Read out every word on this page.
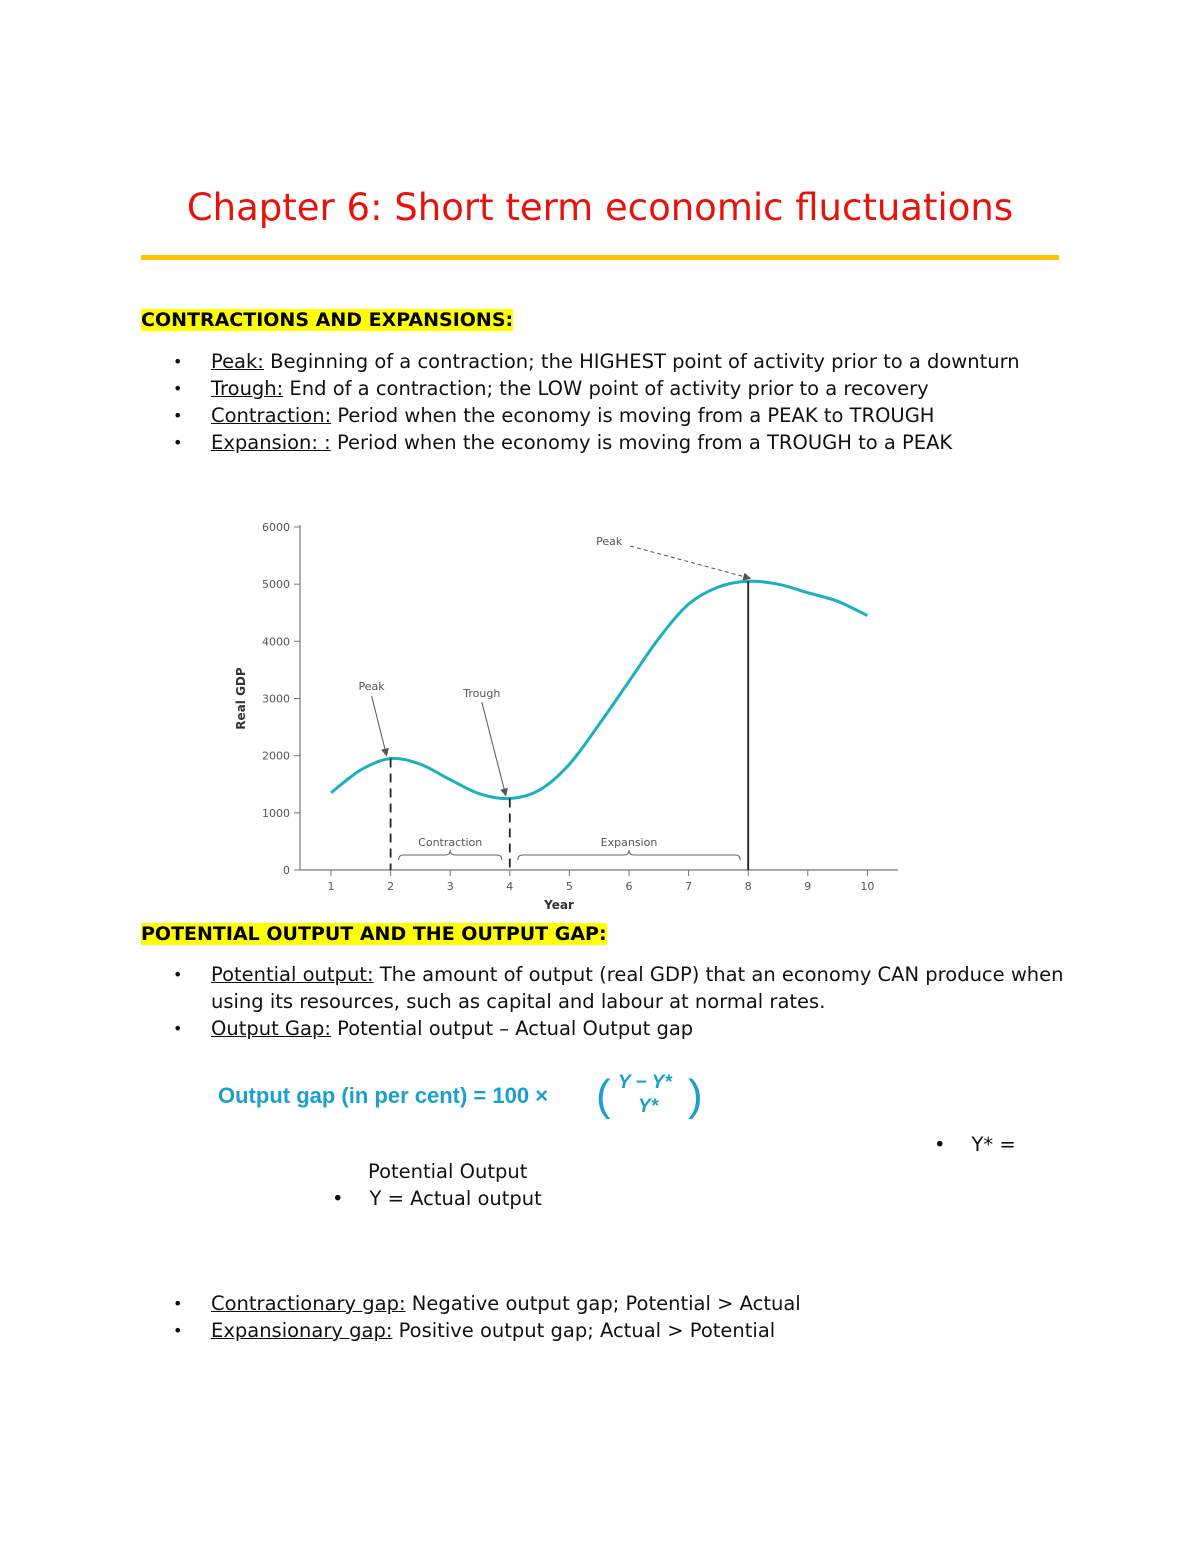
Chapter 6: Short term economic fluctuations
CONTRACTIONS AND EXPANSIONS:
• Peak: Beginning of a contraction; the HIGHEST point of activity prior to a downturn
• Trough: End of a contraction; the LOW point of activity prior to a recovery
• Contraction: Period when the economy is moving from a PEAK to TROUGH
• Expansion: : Period when the economy is moving from a TROUGH to a PEAK
0
1000
2000
3000
4000
5000
6000
1	2	3	4	5	6	7	8	9	10
Year
Real GDP	Peak
Trough
Peak
Contraction	Expansion
POTENTIAL OUTPUT AND THE OUTPUT GAP:
• Potential output: The amount of output (real GDP) that an economy CAN produce when using its resources, such as capital and labour at normal rates.
• Output Gap: Potential output – Actual Output gap
Output gap (in per cent) = 100 × ( Y − Y*
Y* )
• Y* =
Potential Output
• Y = Actual output
• Contractionary gap: Negative output gap; Potential > Actual
• Expansionary gap: Positive output gap; Actual > Potential
